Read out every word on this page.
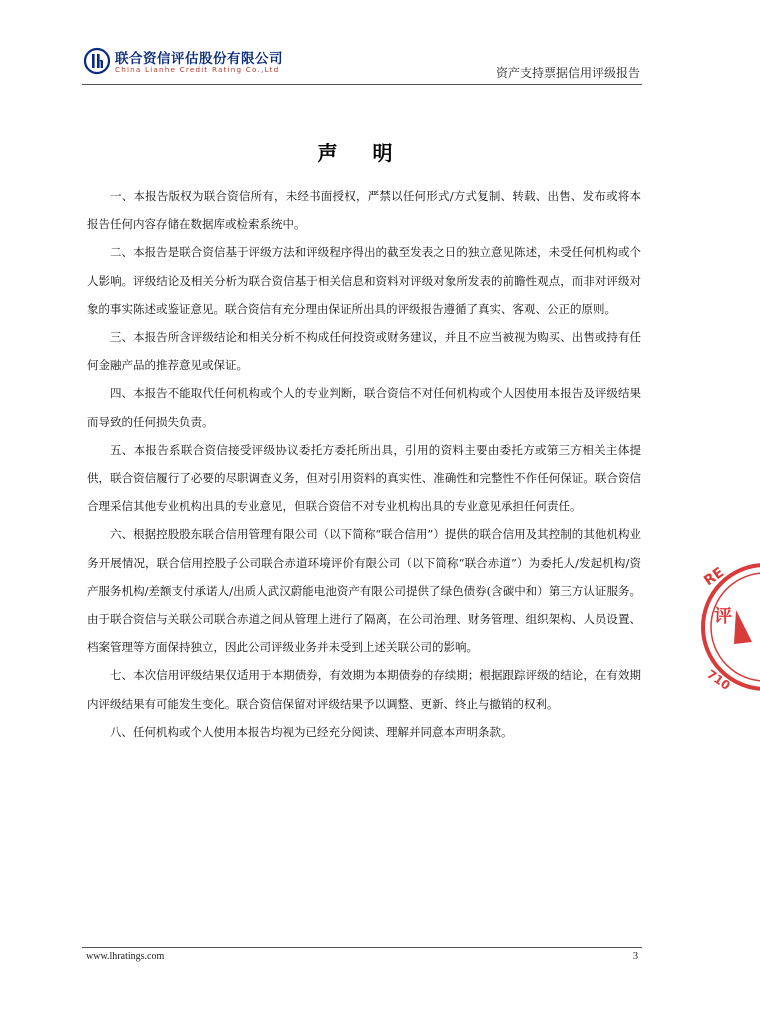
联合资信评估股份有限公司
China Lianhe Credit Rating Co.,Ltd	资产支持票据信用评级报告
声 明

一、本报告版权为联合资信所有，未经书面授权，严禁以任何形式/方式复制、转载、出售、发布或将本报告任何内容存储在数据库或检索系统中。

二、本报告是联合资信基于评级方法和评级程序得出的截至发表之日的独立意见陈述，未受任何机构或个人影响。评级结论及相关分析为联合资信基于相关信息和资料对评级对象所发表的前瞻性观点，而非对评级对象的事实陈述或鉴证意见。联合资信有充分理由保证所出具的评级报告遵循了真实、客观、公正的原则。

三、本报告所含评级结论和相关分析不构成任何投资或财务建议，并且不应当被视为购买、出售或持有任何金融产品的推荐意见或保证。

四、本报告不能取代任何机构或个人的专业判断，联合资信不对任何机构或个人因使用本报告及评级结果而导致的任何损失负责。

五、本报告系联合资信接受评级协议委托方委托所出具，引用的资料主要由委托方或第三方相关主体提供，联合资信履行了必要的尽职调查义务，但对引用资料的真实性、准确性和完整性不作任何保证。联合资信合理采信其他专业机构出具的专业意见，但联合资信不对专业机构出具的专业意见承担任何责任。

六、根据控股股东联合信用管理有限公司（以下简称“联合信用”）提供的联合信用及其控制的其他机构业务开展情况，联合信用控股子公司联合赤道环境评价有限公司（以下简称“联合赤道”）为委托人/发起机构/资产服务机构/差额支付承诺人/出质人武汉蔚能电池资产有限公司提供了绿色债券(含碳中和）第三方认证服务。由于联合资信与关联公司联合赤道之间从管理上进行了隔离，在公司治理、财务管理、组织架构、人员设置、档案管理等方面保持独立，因此公司评级业务并未受到上述关联公司的影响。

七、本次信用评级结果仅适用于本期债券，有效期为本期债券的存续期；根据跟踪评级的结论，在有效期内评级结果有可能发生变化。联合资信保留对评级结果予以调整、更新、终止与撤销的权利。

八、任何机构或个人使用本报告均视为已经充分阅读、理解并同意本声明条款。

RE
评
710
www.lhratings.com	3
